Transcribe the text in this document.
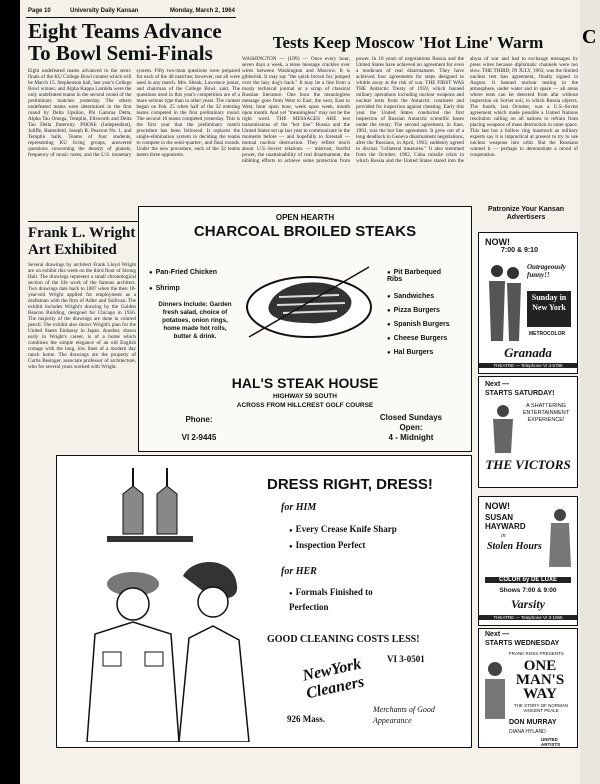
Page 10	University Daily Kansan	Monday, March 2, 1964
Eight Teams Advance To Bowl Semi-Finals
Eight undefeated teams advanced to the semi-finals of the KU College Bowl contest which will be March 15. Stephenson hall, last year's College Bowl winner, and Alpha Kappa Lambda were the only undefeated teams in the second round of the preliminary matches yesterday. The others undefeated teams were determined in the first round by Delta Upsilon, Phi Gamma Delta, Alpha Tau Omega, Templin, Ellsworth and Delta Tau Delta fraternity. PHOSE (Independent), Joliffe, Battenfeld, Joseph R. Pearson No. 1, and Templin halls. Teams of four students, representing KU living groups, answered questions concerning the density of planets, frequency of music notes, and the U.S. monetary system. Fifty two-man questions were prepared for each of the 48 matches; however, not all were used in any match. Mrs. Shenk, Lawrence junior, and chairman of the College Bowl, said. The questions used in this year's competition are of a more serious type than in other years. The contest began on Feb. 25 when half of the 32 entering teams competed in the first preliminary round. The second 16 teams competed yesterday. This is the first year that the preliminary match procedure has been followed. It replaces the single-elimination system in deciding the teams to compete in the semi-quarter-, and final rounds. Under the new procedure, each of the 32 teams meets three opponents.
Frank L. Wright Art Exhibited
Several drawings by architect Frank Lloyd Wright are on exhibit this week on the third floor of Strong Hall. The drawings represent a small chronological section of the life work of the famous architect. Two drawings date back to 1887 when the then 18-year-old Wright applied for employment as a draftsman with the firm of Adler and Sullivan. The exhibit includes Wright's drawing by the Golden Beacon Building, designed for Chicago in 1956. The majority of the drawings are done in colored pencil. The exhibit also shows Wright's plan for the United States Embassy in Japan. Another, drawn early in Wright's career, is of a home which combines the simple elegance of an old English cottage with the long, low lines of a modern day ranch home. The drawings are the property of Curtis Besinger, associate professor of architecture, who for several years worked with Wright.
Tests Keep Moscow 'Hot Line' Warm
WASHINGTON — (UPI) — Once every hour, seven days a week, a tense message crackles over wires between Washington and Moscow. It is gibberish. It may say "the quick brown fox jumped over the lazy dog's back." It may be a line from a musty technical journal or a scrap of classical Russian literature. One hour the meaningless message goes from West to East, the next, East to West, hour upon hour, week upon week, month upon month. And yet "meaningless" may not be the right word. THE MESSAGES ARE test transmissions of the "hot line" Russia and the United States set up last year to communicate in the moments before — and hopefully to forestall — mutual nuclear destruction. They reflect much about U.S.-Soviet relations — mistrust, fearful power, the unattainability of real disarmament, the nibbling efforts to achieve some protection from power. In 18 years of negotiations Russia and the United States have achieved no agreement for even a modicum of real disarmament. They have achieved four agreements for steps designed to whittle away at the risk of war. THE FIRST WAS THE Antarctic Treaty of 1959, which banned military operations including nuclear weapons and nuclear tests from the Antarctic continent and provided for inspection against cheating. Early this year the United States conducted the first inspection of Russian Antarctic scientific bases under the treaty. The second agreement, in June, 1963, was the hot line agreement. It grew out of a long deadlock in Geneva disarmament negotiations, after the Russians, in April, 1963, suddenly agreed to discuss "collateral measures." It also stemmed from the October, 1962, Cuba missile crisis in which Russia and the United States stared into the abyss of war and had to exchange messages by press wires because diplomatic channels were too slow. THE THIRD, IN JULY, 1963, was the limited nuclear test ban agreement, finally signed in August. It banned nuclear testing in the atmosphere, under water and in space — all areas where tests can be detected from afar without inspection on Soviet soil, to which Russia objects. The fourth, last October, was a U.S.-Soviet agreement which made possible a United Nations resolution calling on all nations to refrain from placing weapons of mass destruction in outer space. This last but a hollow ring inasmuch as military experts say it is impractical at present to try to use nuclear weapons into orbit. But the Russians wanted it — perhaps to demonstrate a mood of cooperation.
Patronize Your Kansan Advertisers
OPEN HEARTH
CHARCOAL BROILED STEAKS
● Pan-Fried Chicken
● Shrimp
Dinners Include: Garden fresh salad, choice of potatoes, onion rings, home made hot rolls, butter & drink.
● Pit Barbequed Ribs
● Sandwiches
● Pizza Burgers
● Spanish Burgers
● Cheese Burgers
● Hal Burgers
HAL'S STEAK HOUSE
HIGHWAY 59 SOUTH
ACROSS FROM HILLCREST GOLF COURSE
Phone:
VI 2-9445
Closed Sundays
Open:
4 - Midnight
DRESS RIGHT, DRESS!
for HIM
● Every Crease Knife Sharp
● Inspection Perfect
for HER
● Formals Finished to Perfection
GOOD CLEANING COSTS LESS!
VI 3-0501
NewYork Cleaners
926 Mass.
Merchants of Good Appearance
NOW!
7:00 & 9:10
Outrageously funny!!
Sunday in New York
METROCOLOR
Granada
THEATRE — Telephone VI 3-5788
Next —
STARTS SATURDAY!
A SHATTERING ENTERTAINMENT EXPERIENCE!
THE VICTORS
NOW!
SUSAN HAYWARD
in
Stolen Hours
COLOR by DE LUXE
Shows 7:00 & 9:00
Varsity
THEATRE — Telephone VI 3-1065
Next —
STARTS WEDNESDAY
FRANK ROSS PRESENTS
ONE MAN'S WAY
THE STORY OF NORMAN VINCENT PEALE
DON MURRAY
DIANA HYLAND
UNITED ARTISTS
C
